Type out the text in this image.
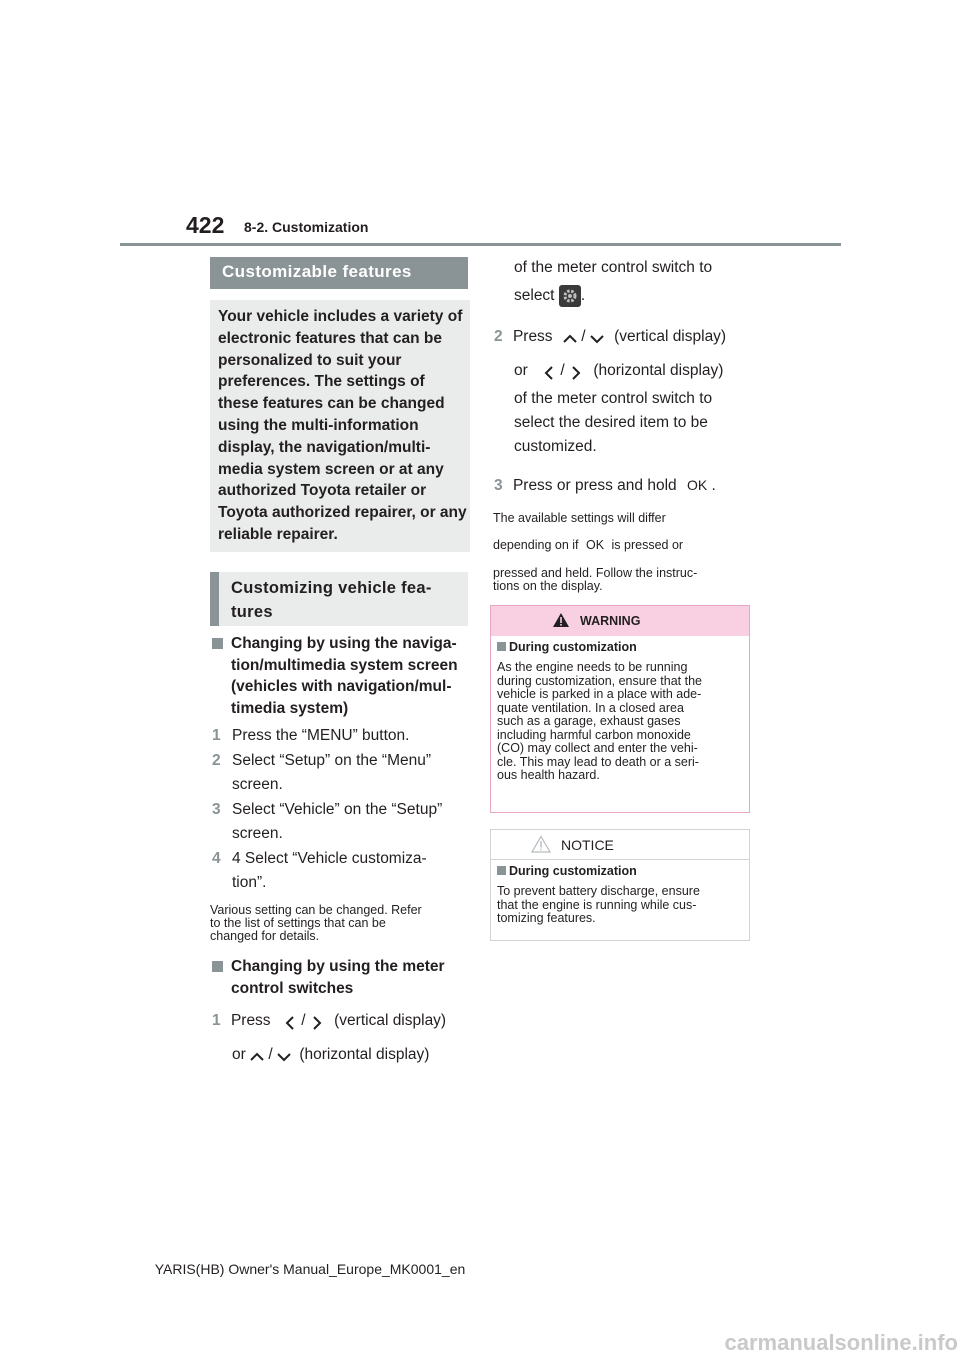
422 8-2. Customization
Customizable features

Your vehicle includes a variety of electronic features that can be personalized to suit your preferences. The settings of these features can be changed using the multi-information display, the navigation/multi-media system screen or at any authorized Toyota retailer or Toyota authorized repairer, or any reliable repairer.

Customizing vehicle fea-
tures
Changing by using the naviga-
tion/multimedia system screen
(vehicles with navigation/mul-
timedia system)
1 Press the “MENU” button.
2 Select “Setup” on the “Menu”
screen.
3 Select “Vehicle” on the “Setup”
screen.
4 4 Select “Vehicle customiza-
tion”.
Various setting can be changed. Refer
to the list of settings that can be
changed for details.
Changing by using the meter
control switches
1 Press / (vertical display)
or / (horizontal display)
of the meter control switch to
select .
2 Press / (vertical display)
or / (horizontal display)
of the meter control switch to
select the desired item to be
customized.
3 Press or press and hold OK .
The available settings will differ
depending on if OK is pressed or
pressed and held. Follow the instruc-
tions on the display.
WARNING
During customization
As the engine needs to be running
during customization, ensure that the
vehicle is parked in a place with ade-
quate ventilation. In a closed area
such as a garage, exhaust gases
including harmful carbon monoxide
(CO) may collect and enter the vehi-
cle. This may lead to death or a seri-
ous health hazard.
NOTICE
During customization
To prevent battery discharge, ensure
that the engine is running while cus-
tomizing features.
YARIS(HB) Owner's Manual_Europe_MK0001_en
carmanualsonline.info
